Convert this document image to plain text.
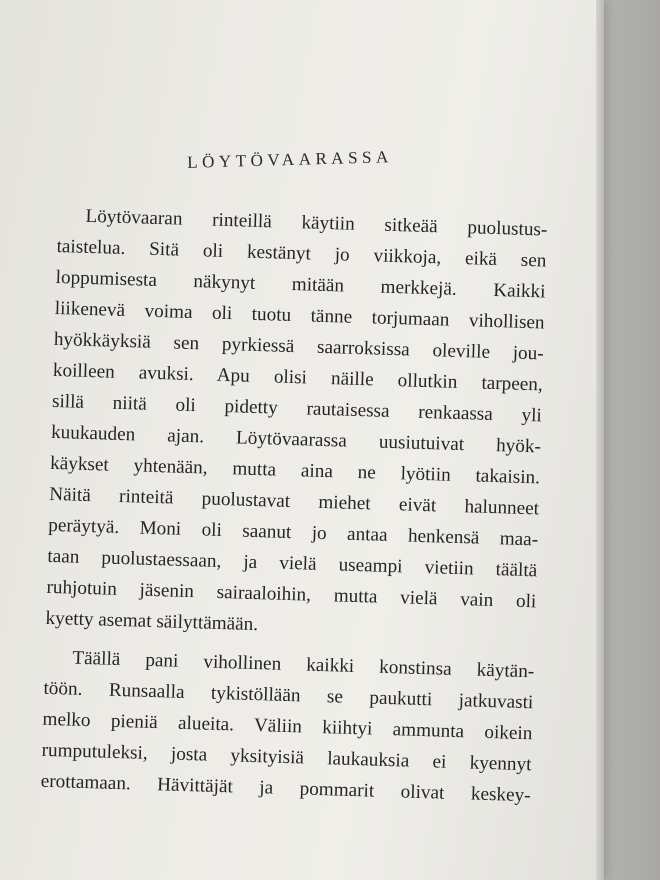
LÖYTÖVAARASSA
Löytövaaran rinteillä käytiin sitkeää puolustus-
taistelua. Sitä oli kestänyt jo viikkoja, eikä sen
loppumisesta näkynyt mitään merkkejä. Kaikki
liikenevä voima oli tuotu tänne torjumaan vihollisen
hyökkäyksiä sen pyrkiessä saarroksissa oleville jou-
koilleen avuksi. Apu olisi näille ollutkin tarpeen,
sillä niitä oli pidetty rautaisessa renkaassa yli
kuukauden ajan. Löytövaarassa uusiutuivat hyök-
käykset yhtenään, mutta aina ne lyötiin takaisin.
Näitä rinteitä puolustavat miehet eivät halunneet
peräytyä. Moni oli saanut jo antaa henkensä maa-
taan puolustaessaan, ja vielä useampi vietiin täältä
ruhjotuin jäsenin sairaaloihin, mutta vielä vain oli
kyetty asemat säilyttämään.
Täällä pani vihollinen kaikki konstinsa käytän-
töön. Runsaalla tykistöllään se paukutti jatkuvasti
melko pieniä alueita. Väliin kiihtyi ammunta oikein
rumputuleksi, josta yksityisiä laukauksia ei kyennyt
erottamaan. Hävittäjät ja pommarit olivat keskey-
